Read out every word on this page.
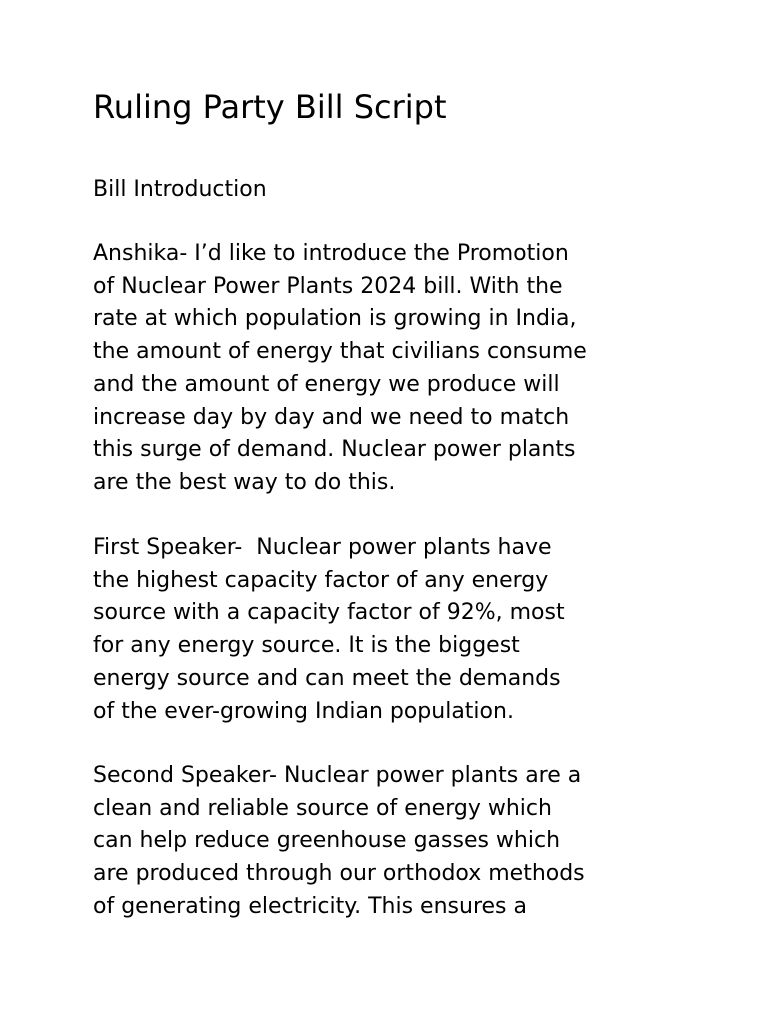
Ruling Party Bill Script

Bill Introduction

Anshika- I’d like to introduce the Promotion
of Nuclear Power Plants 2024 bill. With the
rate at which population is growing in India,
the amount of energy that civilians consume
and the amount of energy we produce will
increase day by day and we need to match
this surge of demand. Nuclear power plants
are the best way to do this.

First Speaker-  Nuclear power plants have
the highest capacity factor of any energy
source with a capacity factor of 92%, most
for any energy source. It is the biggest
energy source and can meet the demands
of the ever-growing Indian population.

Second Speaker- Nuclear power plants are a
clean and reliable source of energy which
can help reduce greenhouse gasses which
are produced through our orthodox methods
of generating electricity. This ensures a
